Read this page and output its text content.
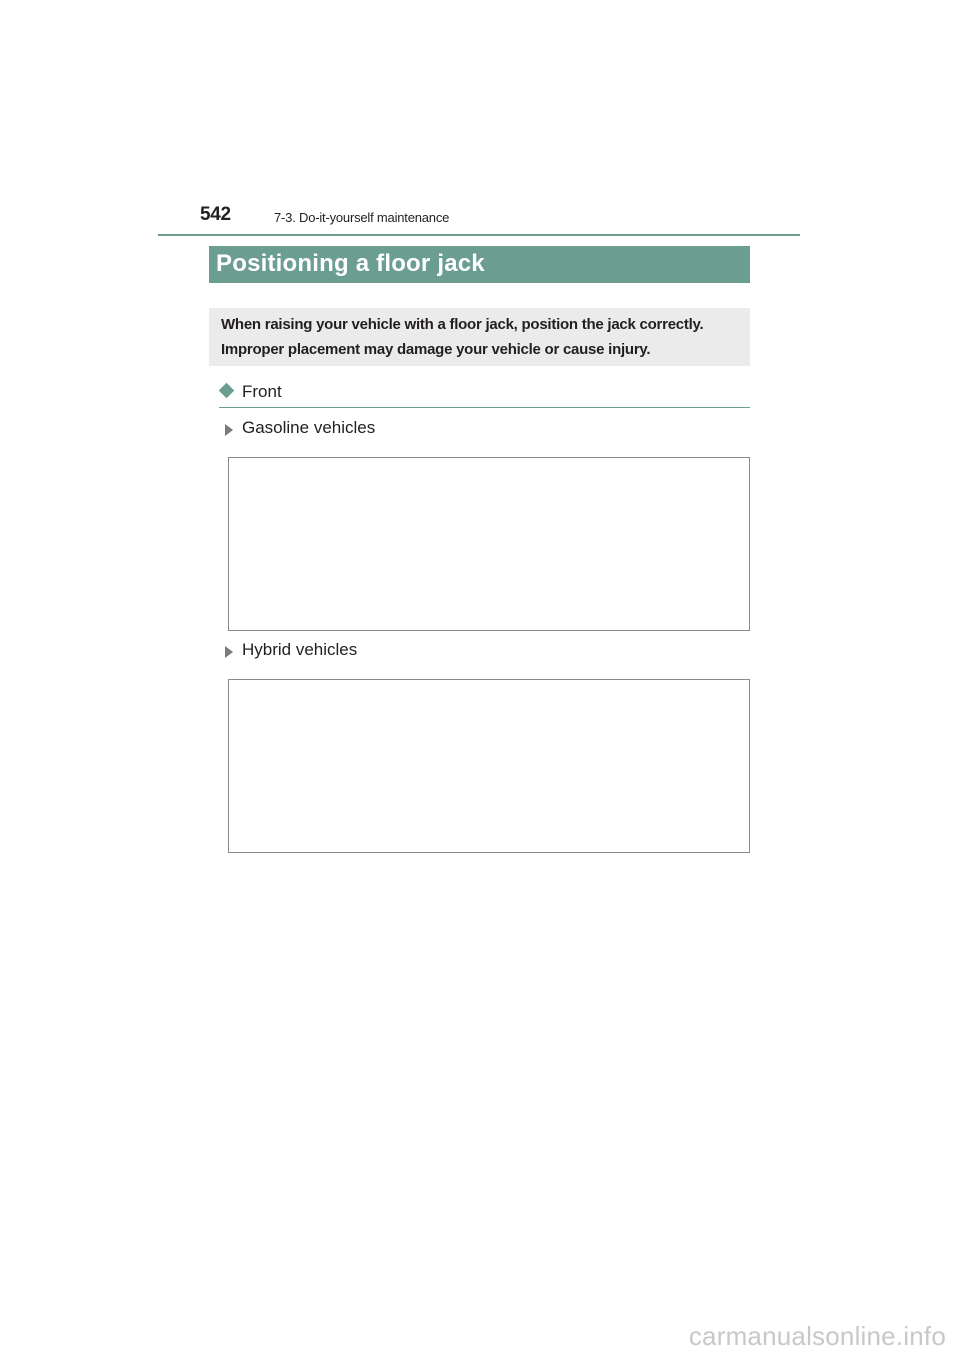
542	7-3. Do-it-yourself maintenance
Positioning a floor jack
When raising your vehicle with a floor jack, position the jack correctly. Improper placement may damage your vehicle or cause injury.
Front
Gasoline vehicles
Hybrid vehicles
carmanualsonline.info
